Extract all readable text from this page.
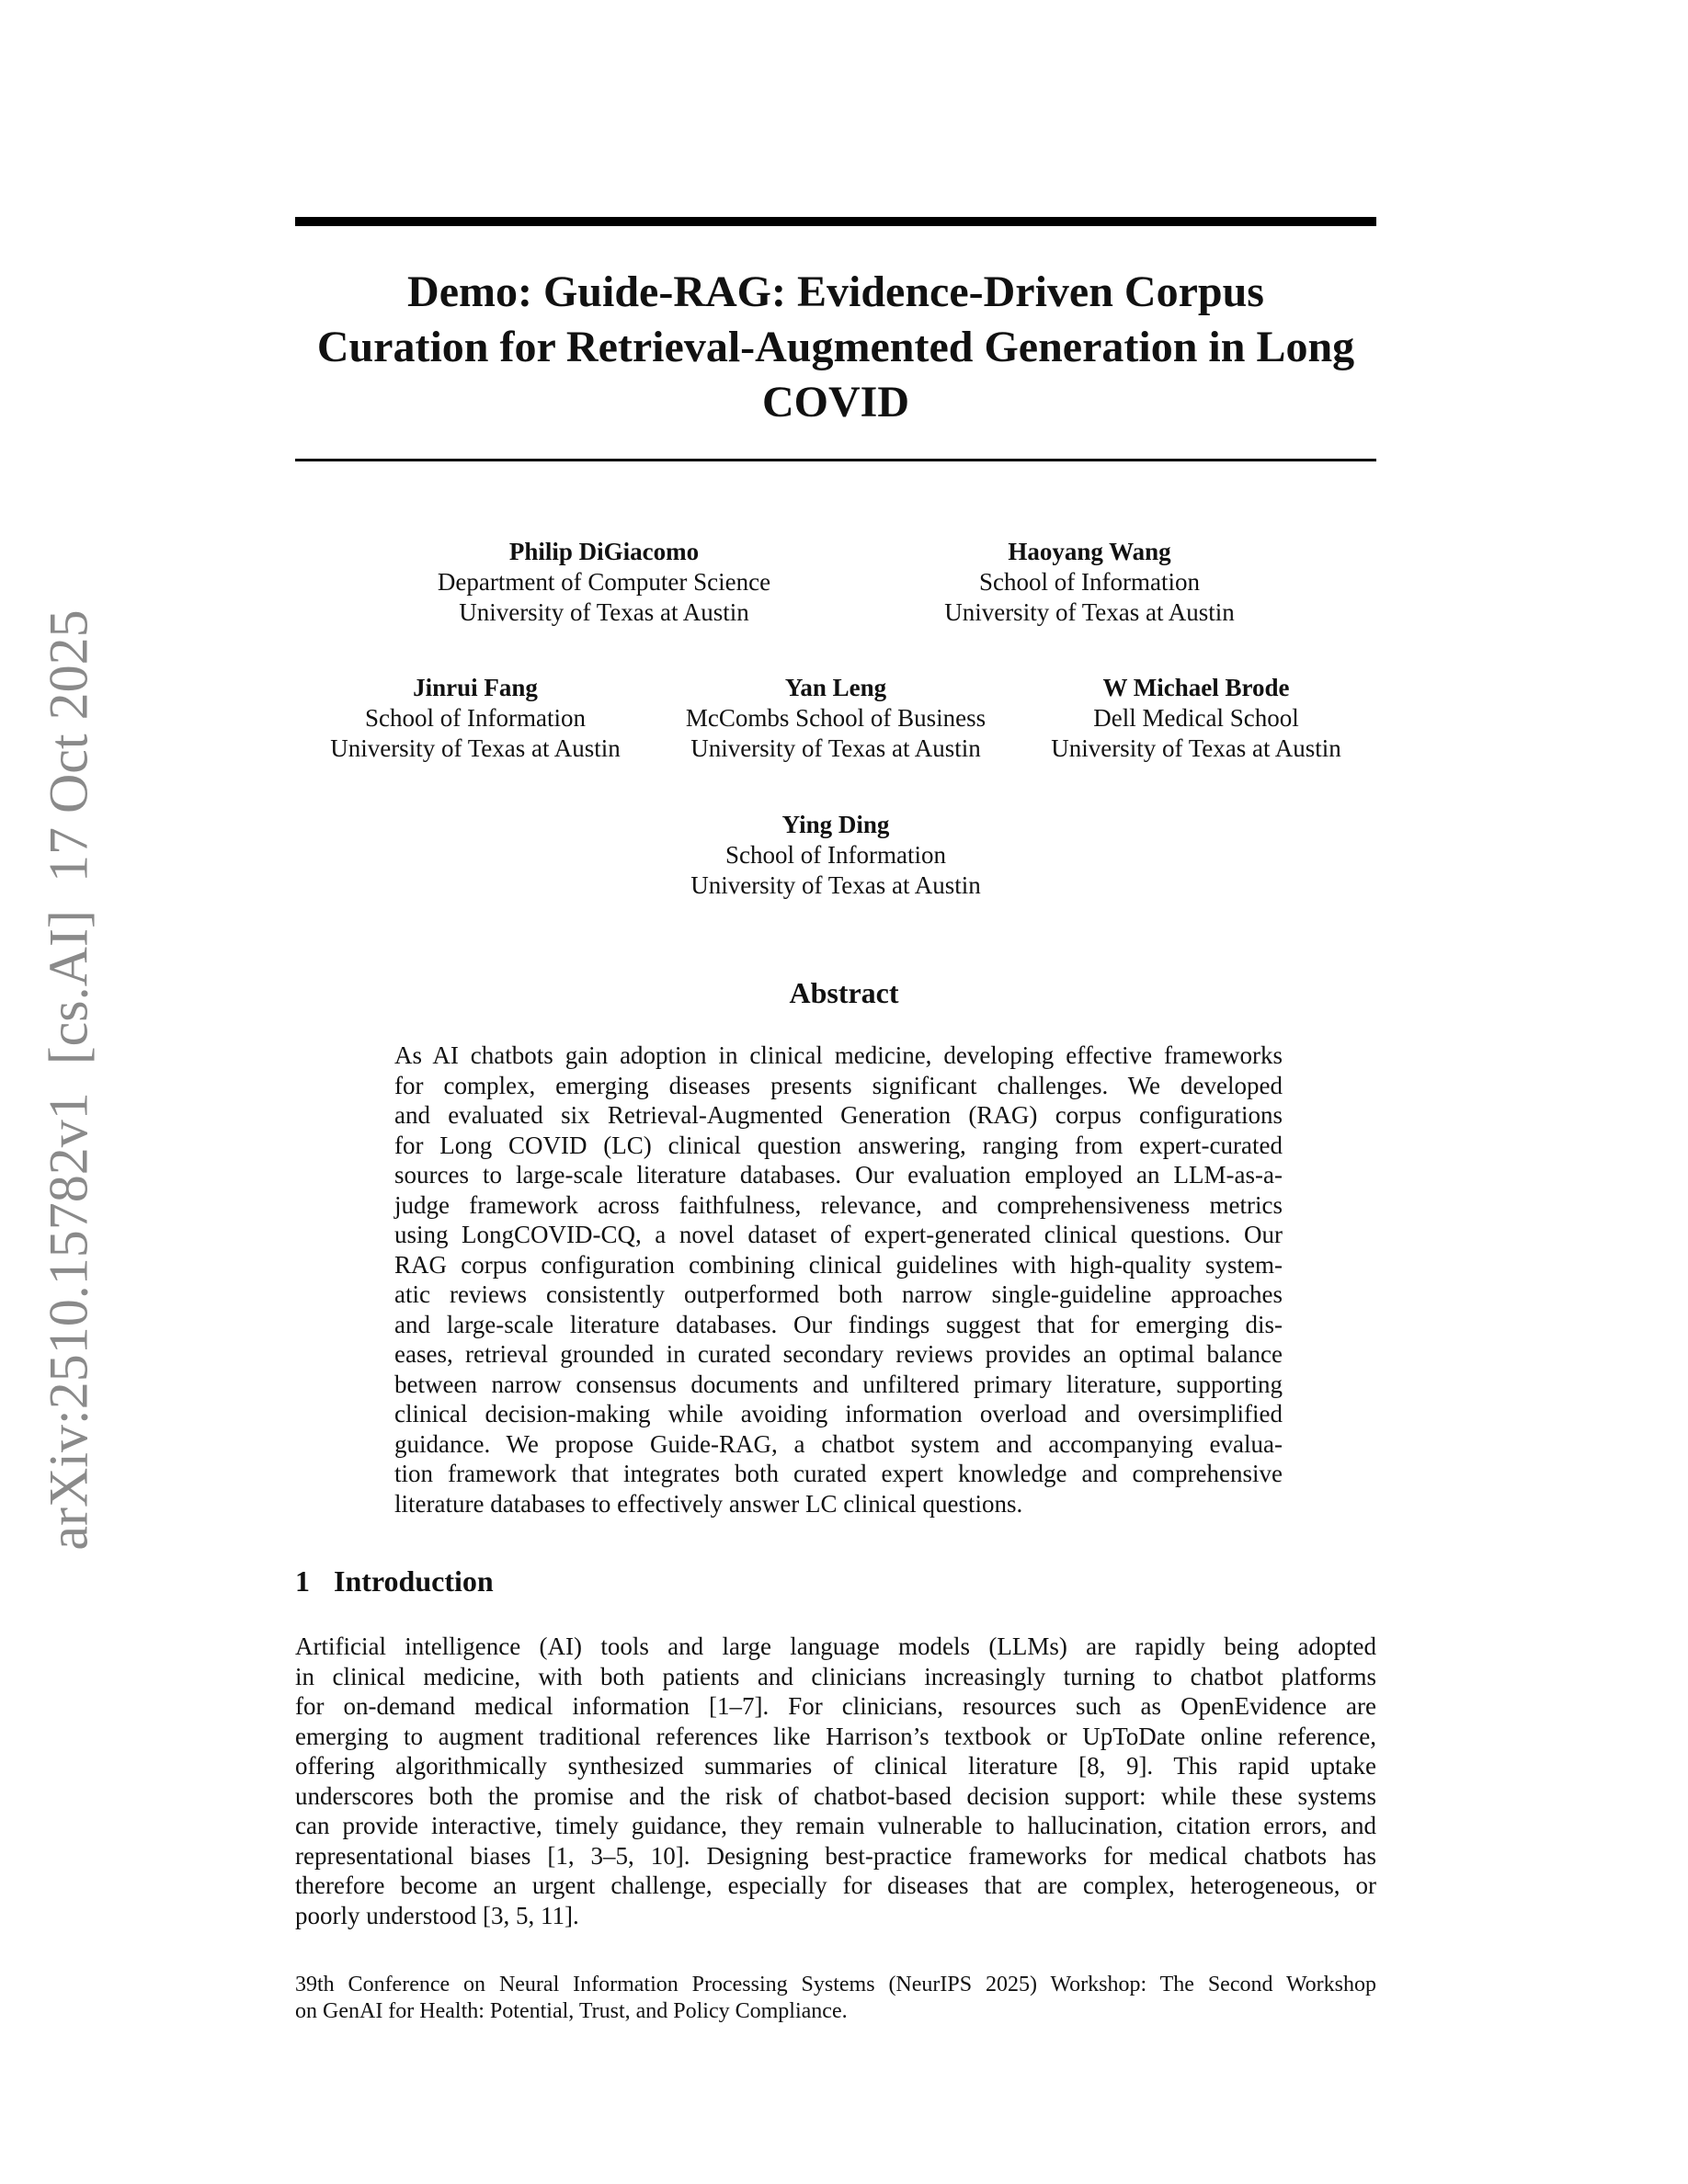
arXiv:2510.15782v1  [cs.AI]  17 Oct 2025
Demo: Guide-RAG: Evidence-Driven Corpus
Curation for Retrieval-Augmented Generation in Long
COVID
Philip DiGiacomo
Department of Computer Science
University of Texas at Austin
Haoyang Wang
School of Information
University of Texas at Austin
Jinrui Fang
School of Information
University of Texas at Austin
Yan Leng
McCombs School of Business
University of Texas at Austin
W Michael Brode
Dell Medical School
University of Texas at Austin
Ying Ding
School of Information
University of Texas at Austin
Abstract
As AI chatbots gain adoption in clinical medicine, developing effective frameworks
for complex, emerging diseases presents significant challenges. We developed
and evaluated six Retrieval-Augmented Generation (RAG) corpus configurations
for Long COVID (LC) clinical question answering, ranging from expert-curated
sources to large-scale literature databases. Our evaluation employed an LLM-as-a-
judge framework across faithfulness, relevance, and comprehensiveness metrics
using LongCOVID-CQ, a novel dataset of expert-generated clinical questions. Our
RAG corpus configuration combining clinical guidelines with high-quality system-
atic reviews consistently outperformed both narrow single-guideline approaches
and large-scale literature databases. Our findings suggest that for emerging dis-
eases, retrieval grounded in curated secondary reviews provides an optimal balance
between narrow consensus documents and unfiltered primary literature, supporting
clinical decision-making while avoiding information overload and oversimplified
guidance. We propose Guide-RAG, a chatbot system and accompanying evalua-
tion framework that integrates both curated expert knowledge and comprehensive
literature databases to effectively answer LC clinical questions.
1 Introduction
Artificial intelligence (AI) tools and large language models (LLMs) are rapidly being adopted
in clinical medicine, with both patients and clinicians increasingly turning to chatbot platforms
for on-demand medical information [1–7]. For clinicians, resources such as OpenEvidence are
emerging to augment traditional references like Harrison’s textbook or UpToDate online reference,
offering algorithmically synthesized summaries of clinical literature [8, 9]. This rapid uptake
underscores both the promise and the risk of chatbot-based decision support: while these systems
can provide interactive, timely guidance, they remain vulnerable to hallucination, citation errors, and
representational biases [1, 3–5, 10]. Designing best-practice frameworks for medical chatbots has
therefore become an urgent challenge, especially for diseases that are complex, heterogeneous, or
poorly understood [3, 5, 11].
39th Conference on Neural Information Processing Systems (NeurIPS 2025) Workshop: The Second Workshop
on GenAI for Health: Potential, Trust, and Policy Compliance.
